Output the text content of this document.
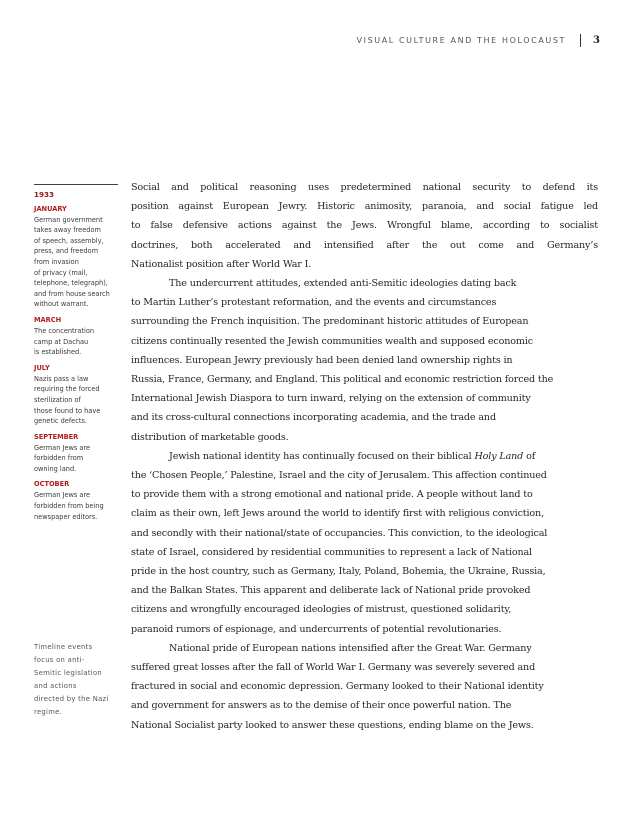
VISUAL CULTURE AND THE HOLOCAUST	3
1933
JANUARY
German government
takes away freedom
of speech, assembly,
press, and freedom
from invasion
of privacy (mail,
telephone, telegraph),
and from house search
without warrant.
MARCH
The concentration
camp at Dachau
is established.
JULY
Nazis pass a law
requiring the forced
sterilization of
those found to have
genetic defects.
SEPTEMBER
German Jews are
forbidden from
owning land.
OCTOBER
German Jews are
forbidden from being
newspaper editors.
Timeline events
focus on anti-
Semitic legislation
and actions
directed by the Nazi
regime.
Social and political reasoning uses predetermined national security to defend its
position against European Jewry. Historic animosity, paranoia, and social fatigue led
to false defensive actions against the Jews. Wrongful blame, according to socialist
doctrines, both accelerated and intensified after the out come and Germany’s
Nationalist position after World War I.
The undercurrent attitudes, extended anti-Semitic ideologies dating back
to Martin Luther’s protestant reformation, and the events and circumstances
surrounding the French inquisition. The predominant historic attitudes of European
citizens continually resented the Jewish communities wealth and supposed economic
influences. European Jewry previously had been denied land ownership rights in
Russia, France, Germany, and England. This political and economic restriction forced the
International Jewish Diaspora to turn inward, relying on the extension of community
and its cross-cultural connections incorporating academia, and the trade and
distribution of marketable goods.
Jewish national identity has continually focused on their biblical Holy Land of
the ‘Chosen People,’ Palestine, Israel and the city of Jerusalem. This affection continued
to provide them with a strong emotional and national pride. A people without land to
claim as their own, left Jews around the world to identify first with religious conviction,
and secondly with their national/state of occupancies. This conviction, to the ideological
state of Israel, considered by residential communities to represent a lack of National
pride in the host country, such as Germany, Italy, Poland, Bohemia, the Ukraine, Russia,
and the Balkan States. This apparent and deliberate lack of National pride provoked
citizens and wrongfully encouraged ideologies of mistrust, questioned solidarity,
paranoid rumors of espionage, and undercurrents of potential revolutionaries.
National pride of European nations intensified after the Great War. Germany
suffered great losses after the fall of World War I. Germany was severely severed and
fractured in social and economic depression. Germany looked to their National identity
and government for answers as to the demise of their once powerful nation. The
National Socialist party looked to answer these questions, ending blame on the Jews.
